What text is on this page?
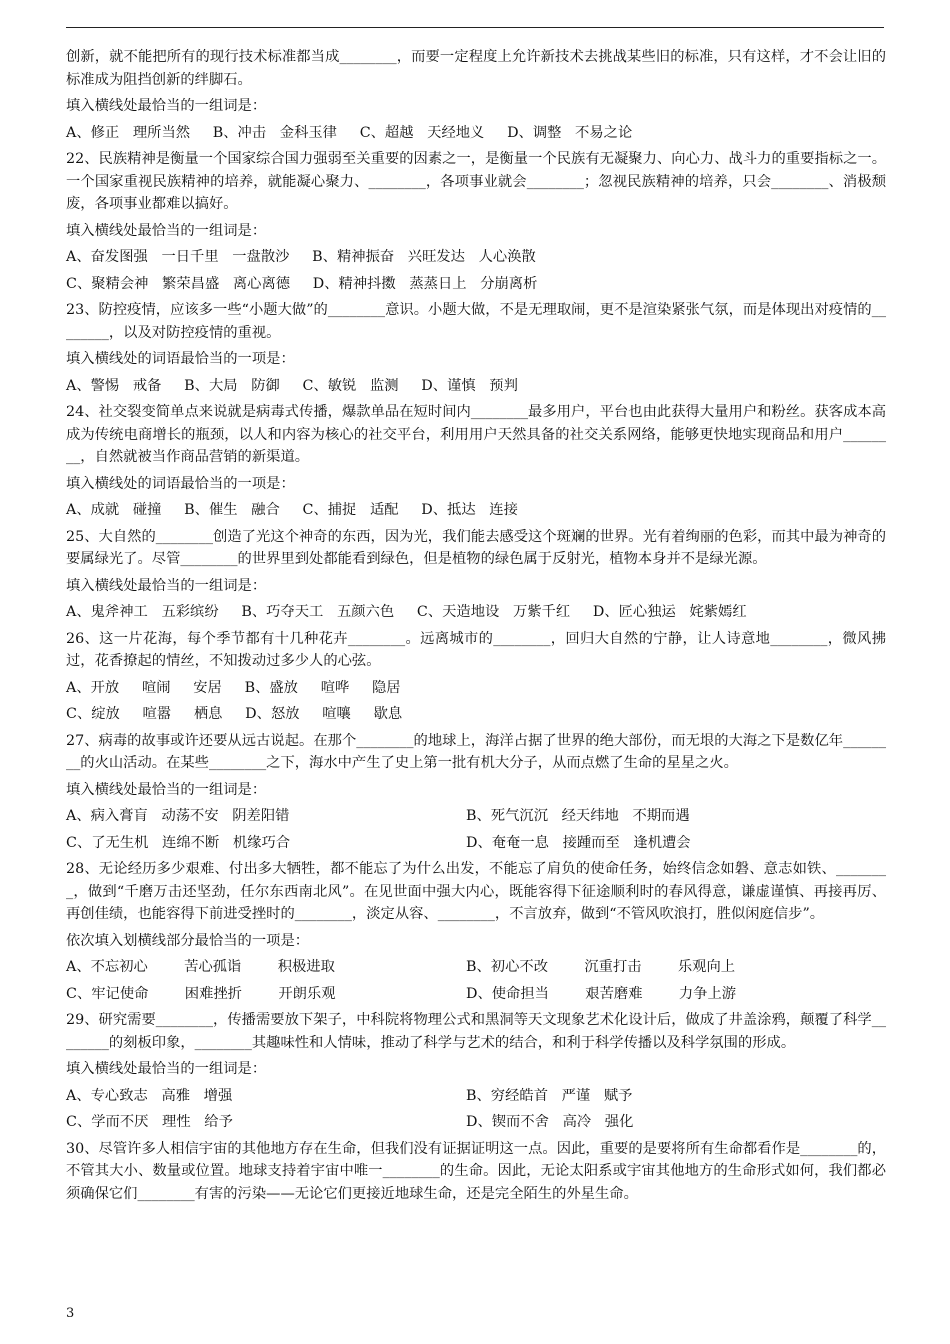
创新，就不能把所有的现行技术标准都当成________，而要一定程度上允许新技术去挑战某些旧的标准，只有这样，才不会让旧的标准成为阻挡创新的绊脚石。

填入横线处最恰当的一组词是：

A、修正   理所当然     B、冲击   金科玉律     C、超越   天经地义     D、调整   不易之论

22、民族精神是衡量一个国家综合国力强弱至关重要的因素之一，是衡量一个民族有无凝聚力、向心力、战斗力的重要指标之一。一个国家重视民族精神的培养，就能凝心聚力、________，各项事业就会________；忽视民族精神的培养，只会________、消极颓废，各项事业都难以搞好。

填入横线处最恰当的一组词是：

A、奋发图强   一日千里   一盘散沙     B、精神振奋   兴旺发达   人心涣散

C、聚精会神   繁荣昌盛   离心离德     D、精神抖擞   蒸蒸日上   分崩离析

23、防控疫情，应该多一些“小题大做”的________意识。小题大做，不是无理取闹，更不是渲染紧张气氛，而是体现出对疫情的________，以及对防控疫情的重视。

填入横线处的词语最恰当的一项是：

A、警惕   戒备     B、大局   防御     C、敏锐   监测     D、谨慎   预判

24、社交裂变简单点来说就是病毒式传播，爆款单品在短时间内________最多用户，平台也由此获得大量用户和粉丝。获客成本高成为传统电商增长的瓶颈，以人和内容为核心的社交平台，利用用户天然具备的社交关系网络，能够更快地实现商品和用户________，自然就被当作商品营销的新渠道。

填入横线处的词语最恰当的一项是：

A、成就   碰撞     B、催生   融合     C、捕捉   适配     D、抵达   连接

25、大自然的________创造了光这个神奇的东西，因为光，我们能去感受这个斑斓的世界。光有着绚丽的色彩，而其中最为神奇的要属绿光了。尽管________的世界里到处都能看到绿色，但是植物的绿色属于反射光，植物本身并不是绿光源。

填入横线处最恰当的一组词是：

A、鬼斧神工   五彩缤纷     B、巧夺天工   五颜六色     C、天造地设   万紫千红     D、匠心独运   姹紫嫣红

26、这一片花海，每个季节都有十几种花卉________。远离城市的________，回归大自然的宁静，让人诗意地________，微风拂过，花香撩起的情丝，不知拨动过多少人的心弦。

A、开放     喧闹     安居     B、盛放     喧哗     隐居

C、绽放     喧嚣     栖息     D、怒放     喧嚷     歇息

27、病毒的故事或许还要从远古说起。在那个________的地球上，海洋占据了世界的绝大部份，而无垠的大海之下是数亿年________的火山活动。在某些________之下，海水中产生了史上第一批有机大分子，从而点燃了生命的星星之火。

填入横线处最恰当的一组词是：

A、病入膏肓   动荡不安   阴差阳错	B、死气沉沉   经天纬地   不期而遇
C、了无生机   连绵不断   机缘巧合	D、奄奄一息   接踵而至   逢机遭会

28、无论经历多少艰难、付出多大牺牲，都不能忘了为什么出发，不能忘了肩负的使命任务，始终信念如磐、意志如铁、________，做到“千磨万击还坚劲，任尔东西南北风”。在见世面中强大内心，既能容得下征途顺利时的春风得意，谦虚谨慎、再接再厉、再创佳绩，也能容得下前进受挫时的________，淡定从容、________，不言放弃，做到“不管风吹浪打，胜似闲庭信步”。

依次填入划横线部分最恰当的一项是：

A、不忘初心        苦心孤诣        积极进取	B、初心不改        沉重打击        乐观向上
C、牢记使命        困难挫折        开朗乐观	D、使命担当        艰苦磨难        力争上游

29、研究需要________，传播需要放下架子，中科院将物理公式和黑洞等天文现象艺术化设计后，做成了井盖涂鸦，颠覆了科学________的刻板印象，________其趣味性和人情味，推动了科学与艺术的结合，和利于科学传播以及科学氛围的形成。

填入横线处最恰当的一组词是：

A、专心致志   高雅   增强	B、穷经皓首   严谨   赋予
C、学而不厌   理性   给予	D、锲而不舍   高冷   强化

30、尽管许多人相信宇宙的其他地方存在生命，但我们没有证据证明这一点。因此，重要的是要将所有生命都看作是________的，不管其大小、数量或位置。地球支持着宇宙中唯一________的生命。因此，无论太阳系或宇宙其他地方的生命形式如何，我们都必须确保它们________有害的污染——无论它们更接近地球生命，还是完全陌生的外星生命。

3
